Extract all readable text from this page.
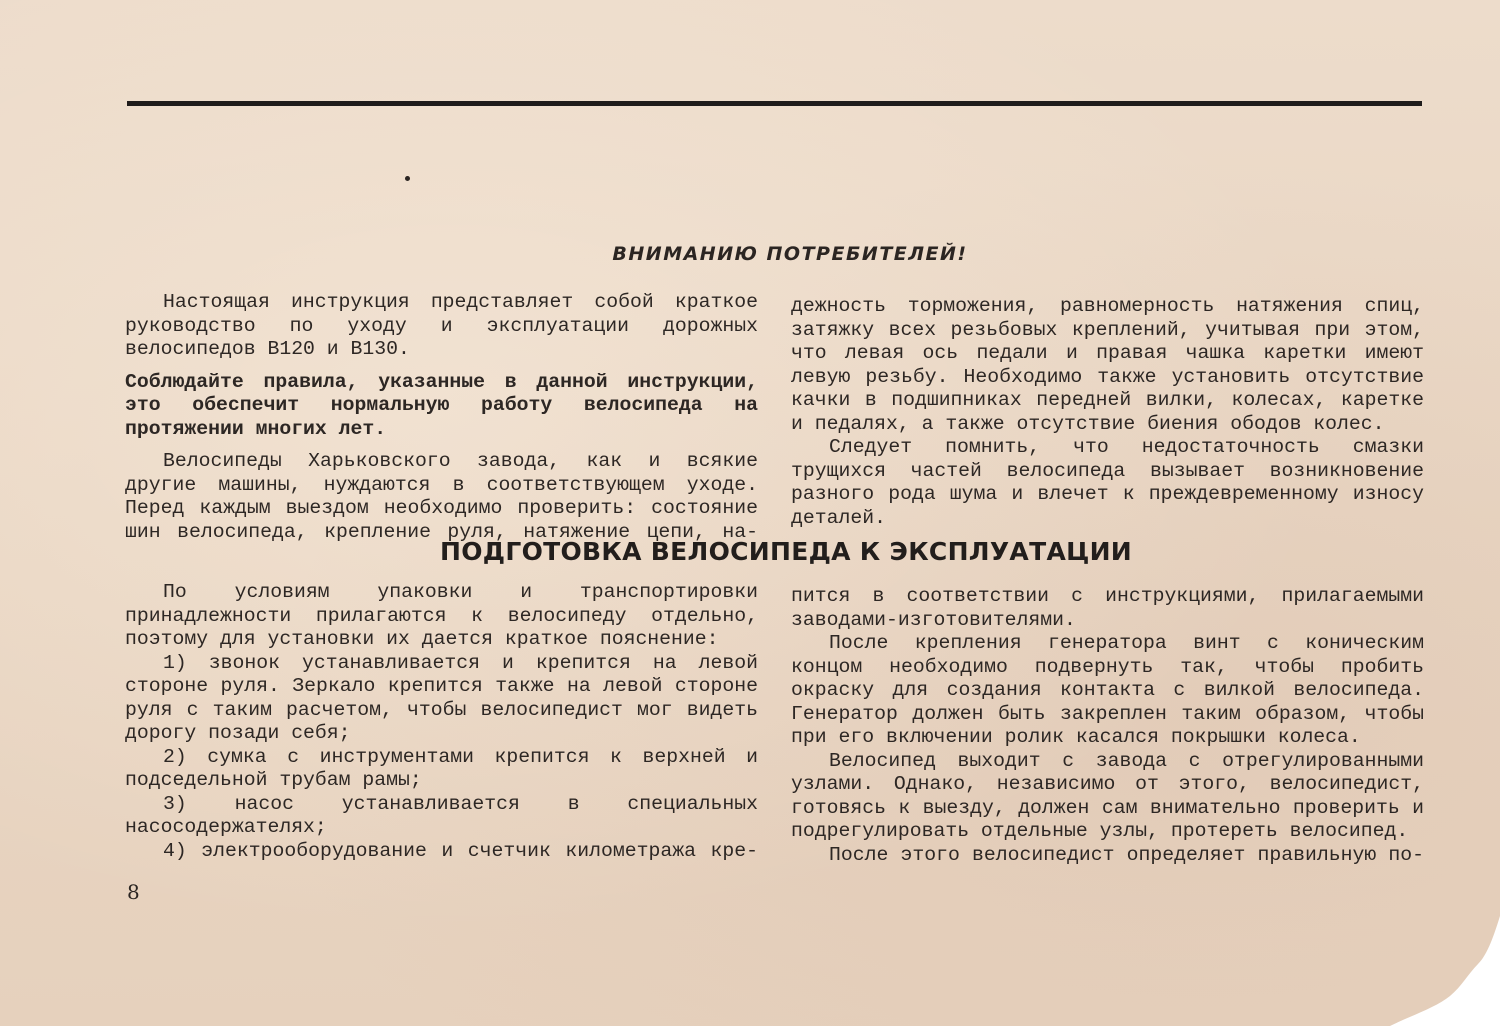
ВНИМАНИЮ ПОТРЕБИТЕЛЕЙ!

Настоящая инструкция представляет собой краткое руководство по уходу и эксплуатации дорожных велосипедов В120 и В130.

Соблюдайте правила, указанные в данной инструкции, это обеспечит нормальную работу велосипеда на протяжении многих лет.

Велосипеды Харьковского завода, как и всякие другие машины, нуждаются в соответствующем уходе. Перед каждым выездом необходимо проверить: состояние шин велосипеда, крепление руля, натяжение цепи, на-

дежность торможения, равномерность натяжения спиц, затяжку всех резьбовых креплений, учитывая при этом, что левая ось педали и правая чашка каретки имеют левую резьбу. Необходимо также установить отсутствие качки в подшипниках передней вилки, колесах, каретке и педалях, а также отсутствие биения ободов колес.

Следует помнить, что недостаточность смазки трущихся частей велосипеда вызывает возникновение разного рода шума и влечет к преждевременному износу деталей.

ПОДГОТОВКА ВЕЛОСИПЕДА К ЭКСПЛУАТАЦИИ

По условиям упаковки и транспортировки принадлежности прилагаются к велосипеду отдельно, поэтому для установки их дается краткое пояснение:

1) звонок устанавливается и крепится на левой стороне руля. Зеркало крепится также на левой стороне руля с таким расчетом, чтобы велосипедист мог видеть дорогу позади себя;

2) сумка с инструментами крепится к верхней и подседельной трубам рамы;

3) насос устанавливается в специальных насосодержателях;

4) электрооборудование и счетчик километража кре-

пится в соответствии с инструкциями, прилагаемыми заводами-изготовителями.

После крепления генератора винт с коническим концом необходимо подвернуть так, чтобы пробить окраску для создания контакта с вилкой велосипеда. Генератор должен быть закреплен таким образом, чтобы при его включении ролик касался покрышки колеса.

Велосипед выходит с завода с отрегулированными узлами. Однако, независимо от этого, велосипедист, готовясь к выезду, должен сам внимательно проверить и подрегулировать отдельные узлы, протереть велосипед.

После этого велосипедист определяет правильную по-

8
